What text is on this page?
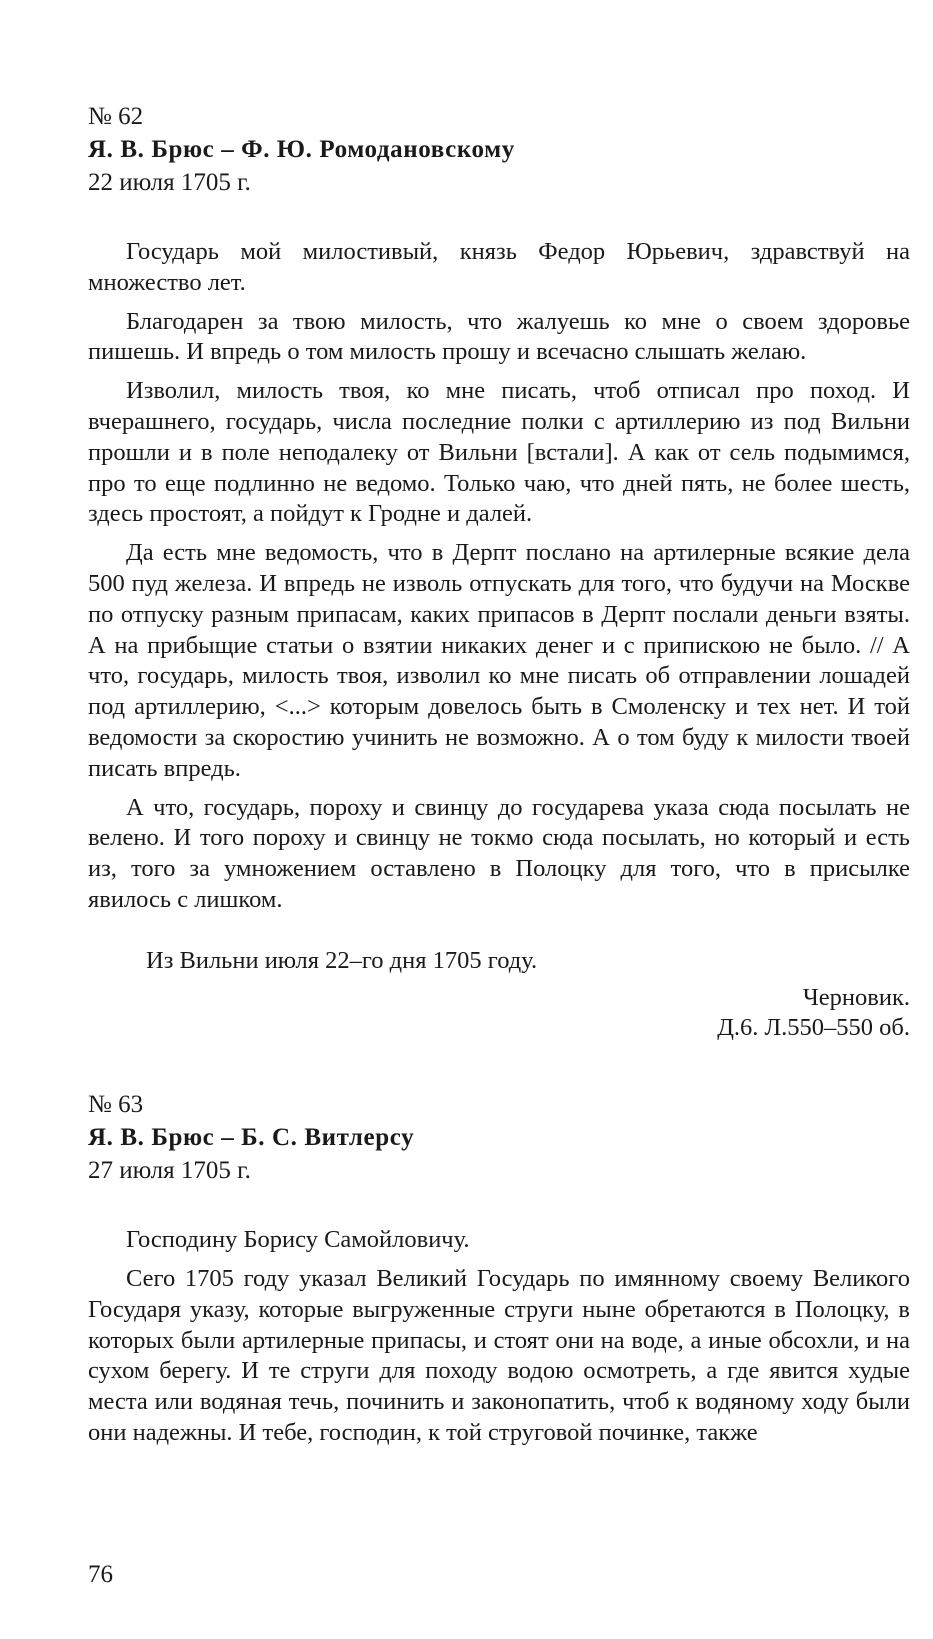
№ 62

Я. В. Брюс – Ф. Ю. Ромодановскому

22 июля 1705 г.

Государь мой милостивый, князь Федор Юрьевич, здравствуй на множество лет.

Благодарен за твою милость, что жалуешь ко мне о своем здоровье пишешь. И впредь о том милость прошу и всечасно слышать желаю.

Изволил, милость твоя, ко мне писать, чтоб отписал про поход. И вчерашнего, государь, числа последние полки с артиллерию из под Вильни прошли и в поле неподалеку от Вильни [встали]. А как от сель подымимся, про то еще подлинно не ведомо. Только чаю, что дней пять, не более шесть, здесь простоят, а пойдут к Гродне и далей.

Да есть мне ведомость, что в Дерпт послано на артилерные всякие дела 500 пуд железа. И впредь не изволь отпускать для того, что будучи на Москве по отпуску разным припасам, каких припасов в Дерпт послали деньги взяты. А на прибыщие статьи о взятии никаких денег и с припискою не было. // А что, государь, милость твоя, изволил ко мне писать об отправлении лошадей под артиллерию, <...> которым довелось быть в Смоленску и тех нет. И той ведомости за скоростию учинить не возможно. А о том буду к милости твоей писать впредь.

А что, государь, пороху и свинцу до государева указа сюда посылать не велено. И того пороху и свинцу не токмо сюда посылать, но который и есть из, того за умножением оставлено в Полоцку для того, что в присылке явилось с лишком.

Из Вильни июля 22–го дня 1705 году.

Черновик.

Д.6. Л.550–550 об.

№ 63

Я. В. Брюс – Б. С. Витлерсу

27 июля 1705 г.

Господину Борису Самойловичу.

Сего 1705 году указал Великий Государь по имянному своему Великого Государя указу, которые выгруженные струги ныне обретаются в Полоцку, в которых были артилерные припасы, и стоят они на воде, а иные обсохли, и на сухом берегу. И те струги для походу водою осмотреть, а где явится худые места или водяная течь, починить и законопатить, чтоб к водяному ходу были они надежны. И тебе, господин, к той струговой починке, также

76
